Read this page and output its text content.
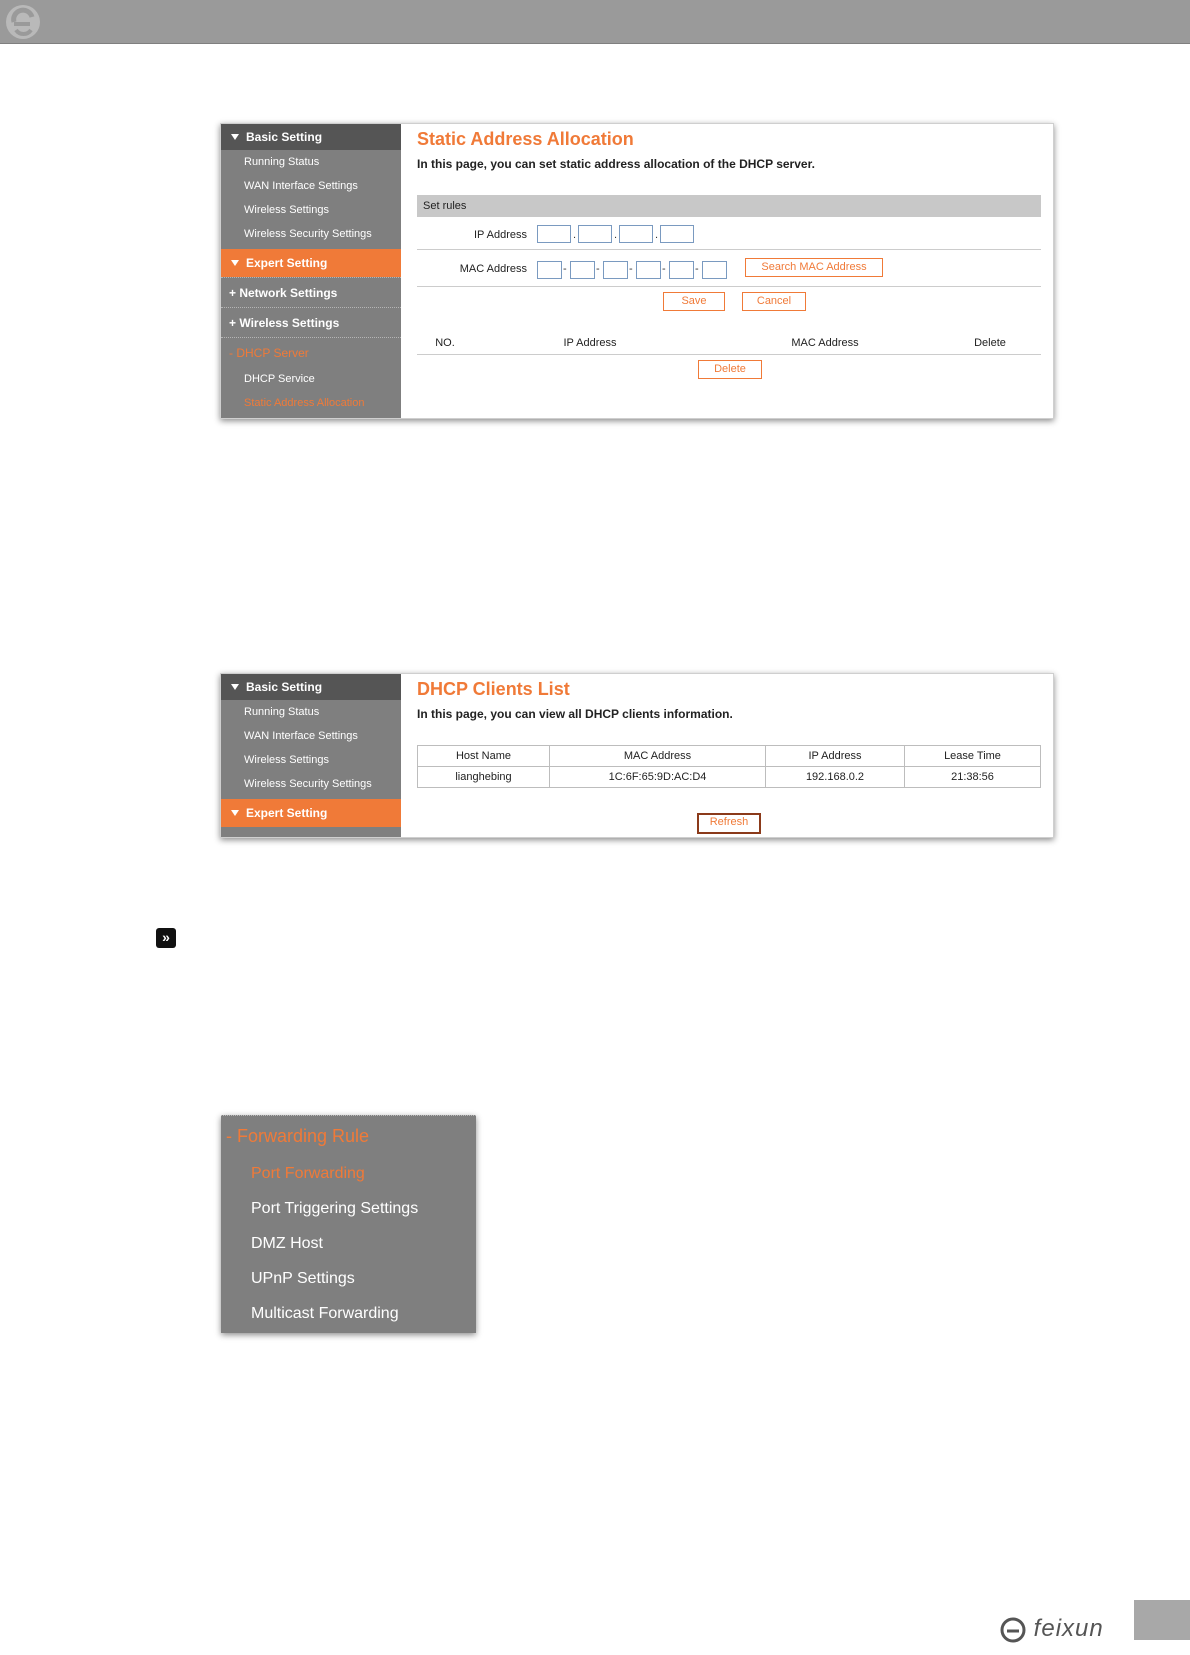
Basic Setting
Running Status
WAN Interface Settings
Wireless Settings
Wireless Security Settings
Expert Setting
+ Network Settings
+ Wireless Settings
- DHCP Server
DHCP Service
Static Address Allocation
Static Address Allocation
In this page, you can set static address allocation of the DHCP server.
Set rules
IP Address	.	.	.
MAC Address	-	-	-	-	-	Search MAC Address
Save	Cancel
NO.	IP Address	MAC Address	Delete
Delete
Basic Setting
Running Status
WAN Interface Settings
Wireless Settings
Wireless Security Settings
Expert Setting
DHCP Clients List
In this page, you can view all DHCP clients information.
Host Name	MAC Address	IP Address	Lease Time
lianghebing	1C:6F:65:9D:AC:D4	192.168.0.2	21:38:56
Refresh
»
- Forwarding Rule
Port Forwarding
Port Triggering Settings
DMZ Host
UPnP Settings
Multicast Forwarding
feixun
